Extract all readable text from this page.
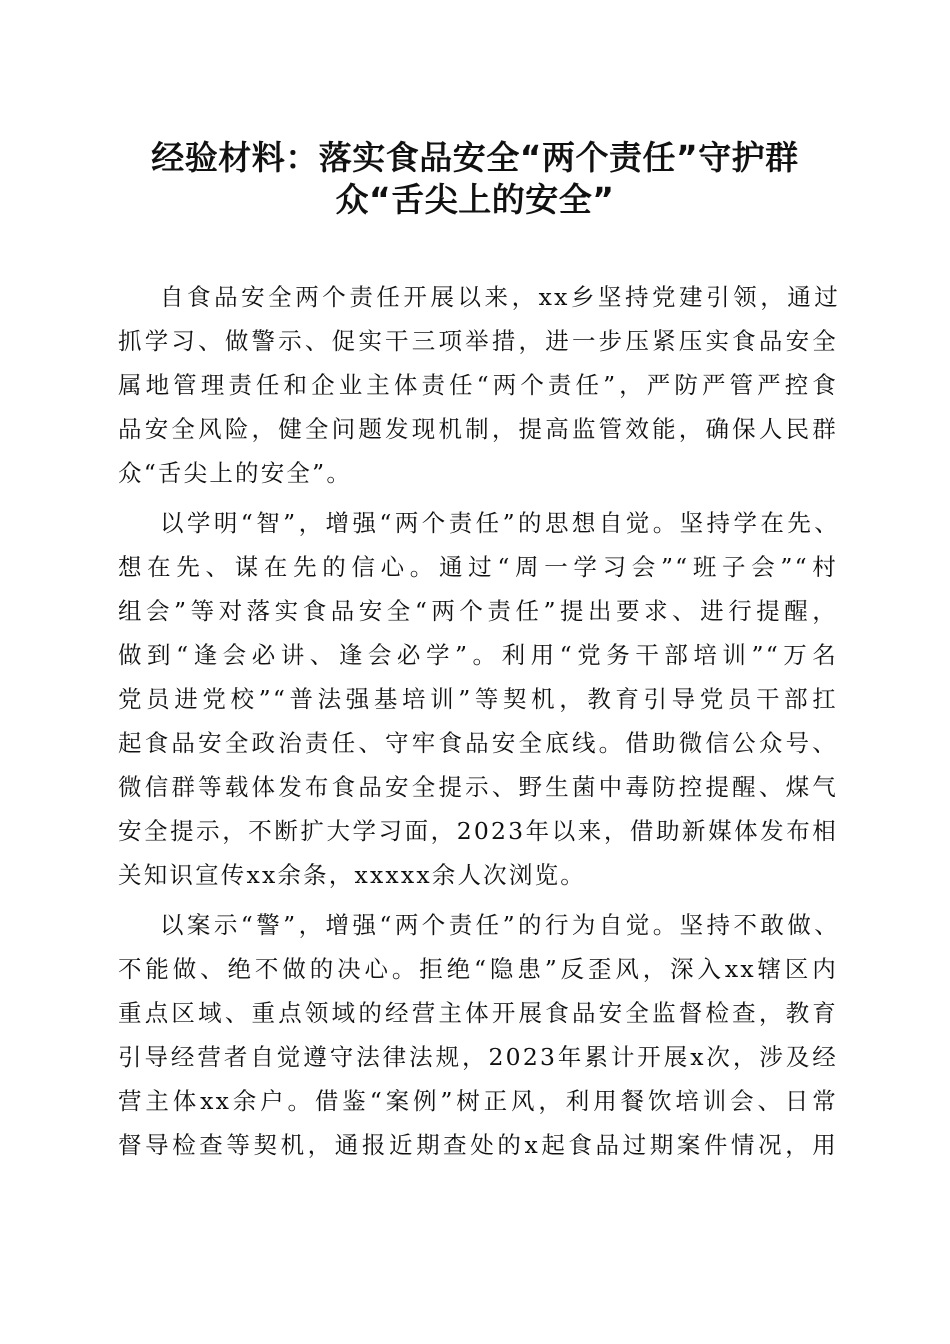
经验材料：落实食品安全“两个责任”守护群
众“舌尖上的安全”
自食品安全两个责任开展以来，xx乡坚持党建引领，通过
抓学习、做警示、促实干三项举措，进一步压紧压实食品安全
属地管理责任和企业主体责任“两个责任”，严防严管严控食
品安全风险，健全问题发现机制，提高监管效能，确保人民群
众“舌尖上的安全”。
以学明“智”，增强“两个责任”的思想自觉。坚持学在先、
想在先、谋在先的信心。通过“周一学习会”“班子会”“村
组会”等对落实食品安全“两个责任”提出要求、进行提醒，
做到“逢会必讲、逢会必学”。利用“党务干部培训”“万名
党员进党校”“普法强基培训”等契机，教育引导党员干部扛
起食品安全政治责任、守牢食品安全底线。借助微信公众号、
微信群等载体发布食品安全提示、野生菌中毒防控提醒、煤气
安全提示，不断扩大学习面，2023年以来，借助新媒体发布相
关知识宣传xx余条，xxxxx余人次浏览。
以案示“警”，增强“两个责任”的行为自觉。坚持不敢做、
不能做、绝不做的决心。拒绝“隐患”反歪风，深入xx辖区内
重点区域、重点领域的经营主体开展食品安全监督检查，教育
引导经营者自觉遵守法律法规，2023年累计开展x次，涉及经
营主体xx余户。借鉴“案例”树正风，利用餐饮培训会、日常
督导检查等契机，通报近期查处的x起食品过期案件情况，用
